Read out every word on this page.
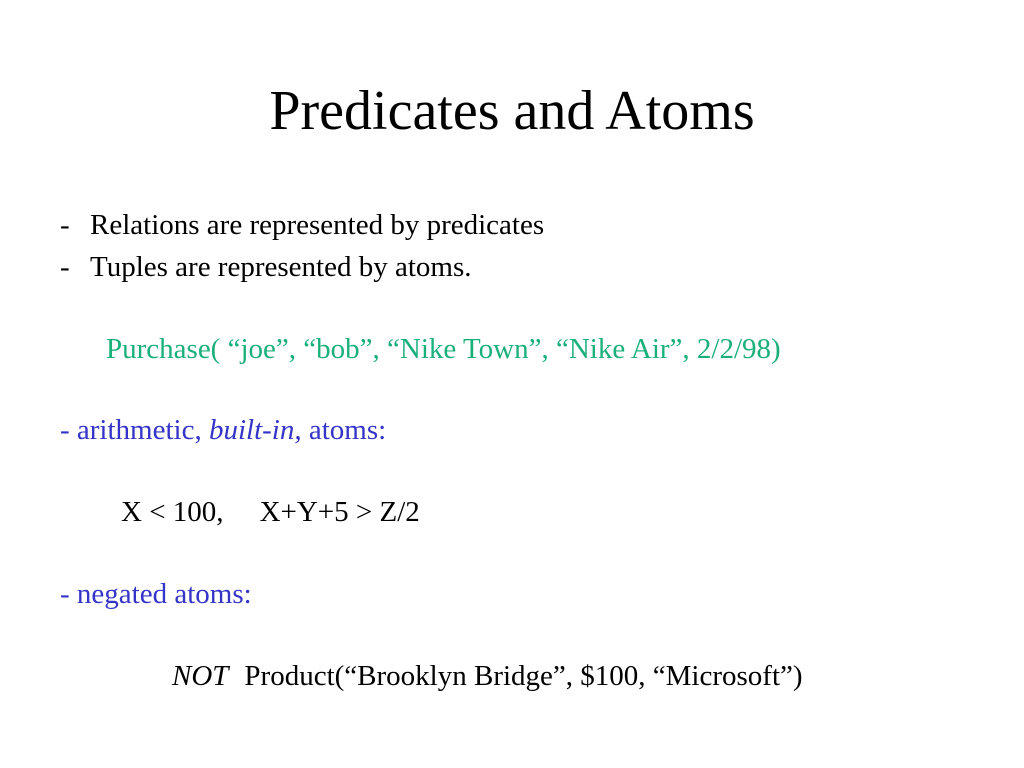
Predicates and Atoms
- Relations are represented by predicates
- Tuples are represented by atoms.
Purchase( “joe”, “bob”, “Nike Town”, “Nike Air”, 2/2/98)
- arithmetic, built-in, atoms:
X < 100, X+Y+5 > Z/2
- negated atoms:
NOT Product(“Brooklyn Bridge”, $100, “Microsoft”)
